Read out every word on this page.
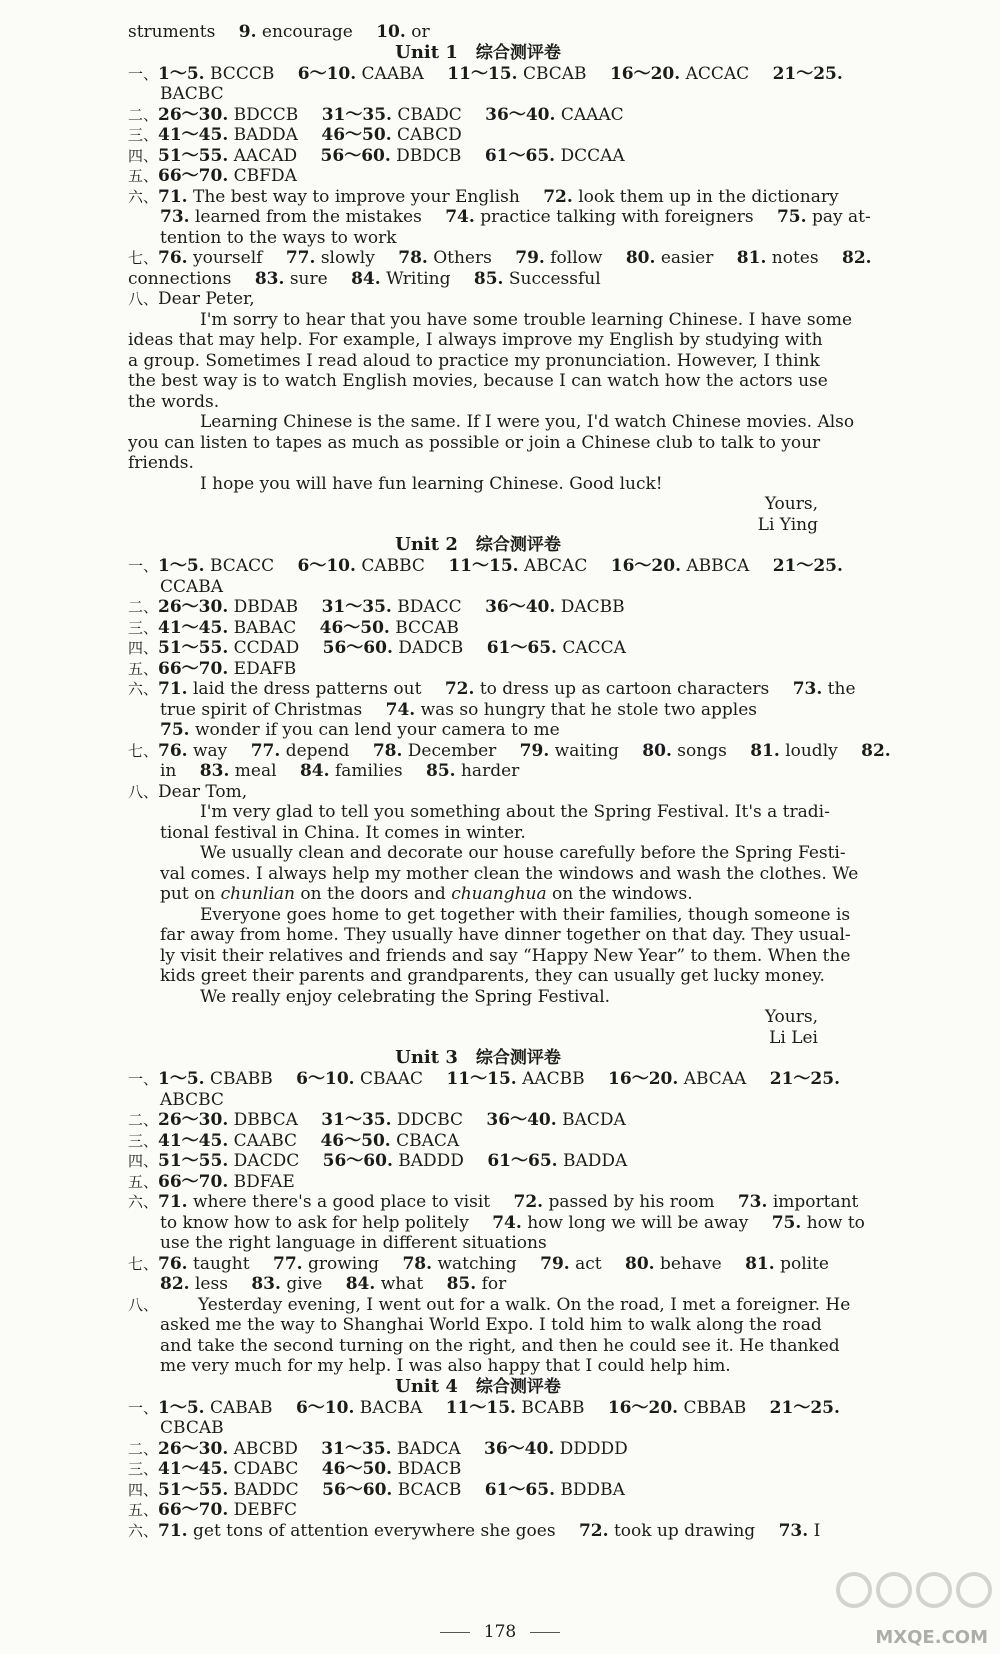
struments 9. encourage 10. or
Unit 1 综合测评卷
一、1～5. BCCCB 6～10. CAABA 11～15. CBCAB 16～20. ACCAC 21～25.
BACBC
二、26～30. BDCCB 31～35. CBADC 36～40. CAAAC
三、41～45. BADDA 46～50. CABCD
四、51～55. AACAD 56～60. DBDCB 61～65. DCCAA
五、66～70. CBFDA
六、71. The best way to improve your English 72. look them up in the dictionary
73. learned from the mistakes 74. practice talking with foreigners 75. pay at-
tention to the ways to work
七、76. yourself 77. slowly 78. Others 79. follow 80. easier 81. notes 82.
connections 83. sure 84. Writing 85. Successful
八、Dear Peter,
I'm sorry to hear that you have some trouble learning Chinese. I have some
ideas that may help. For example, I always improve my English by studying with
a group. Sometimes I read aloud to practice my pronunciation. However, I think
the best way is to watch English movies, because I can watch how the actors use
the words.
Learning Chinese is the same. If I were you, I'd watch Chinese movies. Also
you can listen to tapes as much as possible or join a Chinese club to talk to your
friends.
I hope you will have fun learning Chinese. Good luck!
Yours,
Li Ying
Unit 2 综合测评卷
一、1～5. BCACC 6～10. CABBC 11～15. ABCAC 16～20. ABBCA 21～25.
CCABA
二、26～30. DBDAB 31～35. BDACC 36～40. DACBB
三、41～45. BABAC 46～50. BCCAB
四、51～55. CCDAD 56～60. DADCB 61～65. CACCA
五、66～70. EDAFB
六、71. laid the dress patterns out 72. to dress up as cartoon characters 73. the
true spirit of Christmas 74. was so hungry that he stole two apples
75. wonder if you can lend your camera to me
七、76. way 77. depend 78. December 79. waiting 80. songs 81. loudly 82.
in 83. meal 84. families 85. harder
八、Dear Tom,
I'm very glad to tell you something about the Spring Festival. It's a tradi-
tional festival in China. It comes in winter.
We usually clean and decorate our house carefully before the Spring Festi-
val comes. I always help my mother clean the windows and wash the clothes. We
put on chunlian on the doors and chuanghua on the windows.
Everyone goes home to get together with their families, though someone is
far away from home. They usually have dinner together on that day. They usual-
ly visit their relatives and friends and say “Happy New Year” to them. When the
kids greet their parents and grandparents, they can usually get lucky money.
We really enjoy celebrating the Spring Festival.
Yours,
Li Lei
Unit 3 综合测评卷
一、1～5. CBABB 6～10. CBAAC 11～15. AACBB 16～20. ABCAA 21～25.
ABCBC
二、26～30. DBBCA 31～35. DDCBC 36～40. BACDA
三、41～45. CAABC 46～50. CBACA
四、51～55. DACDC 56～60. BADDD 61～65. BADDA
五、66～70. BDFAE
六、71. where there's a good place to visit 72. passed by his room 73. important
to know how to ask for help politely 74. how long we will be away 75. how to
use the right language in different situations
七、76. taught 77. growing 78. watching 79. act 80. behave 81. polite
82. less 83. give 84. what 85. for
八、 Yesterday evening, I went out for a walk. On the road, I met a foreigner. He
asked me the way to Shanghai World Expo. I told him to walk along the road
and take the second turning on the right, and then he could see it. He thanked
me very much for my help. I was also happy that I could help him.
Unit 4 综合测评卷
一、1～5. CABAB 6～10. BACBA 11～15. BCABB 16～20. CBBAB 21～25.
CBCAB
二、26～30. ABCBD 31～35. BADCA 36～40. DDDDD
三、41～45. CDABC 46～50. BDACB
四、51～55. BADDC 56～60. BCACB 61～65. BDDBA
五、66～70. DEBFC
六、71. get tons of attention everywhere she goes 72. took up drawing 73. I
178	MXQE.COM
